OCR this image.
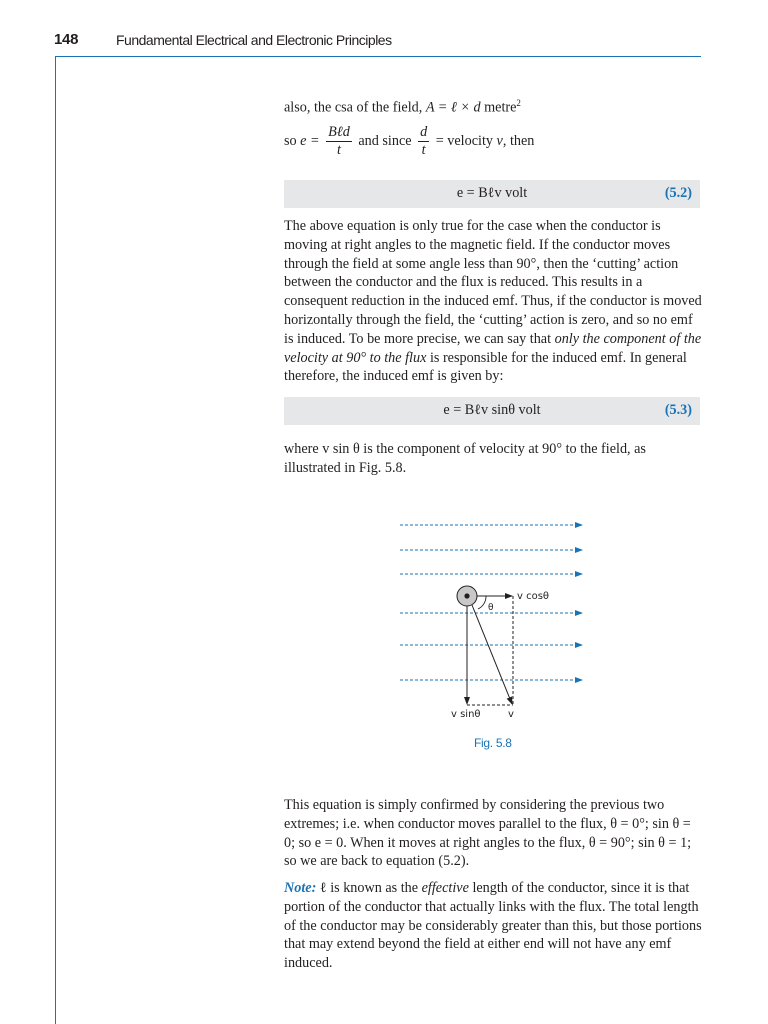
148	Fundamental Electrical and Electronic Principles

also, the csa of the field, A = ℓ × d metre$^2$

so $e = \frac{\text{Bℓd}}{t}$ and since $\frac{d}{t}$ = velocity v, then
e = Bℓv volt	(5.2)

The above equation is only true for the case when the conductor is moving at right angles to the magnetic field. If the conductor moves through the field at some angle less than 90°, then the ‘cutting’ action between the conductor and the flux is reduced. This results in a consequent reduction in the induced emf. Thus, if the conductor is moved horizontally through the field, the ‘cutting’ action is zero, and so no emf is induced. To be more precise, we can say that only the component of the velocity at 90° to the flux is responsible for the induced emf. In general therefore, the induced emf is given by:

e = Bℓv sinθ volt	(5.3)

where v sin θ is the component of velocity at 90° to the field, as illustrated in Fig. 5.8.

v cosθ
θ
v sinθ	v
Fig. 5.8

This equation is simply confirmed by considering the previous two extremes; i.e. when conductor moves parallel to the flux, θ = 0°; sin θ = 0; so e = 0. When it moves at right angles to the flux, θ = 90°; sin θ = 1; so we are back to equation (5.2).

Note: ℓ is known as the effective length of the conductor, since it is that portion of the conductor that actually links with the flux. The total length of the conductor may be considerably greater than this, but those portions that may extend beyond the field at either end will not have any emf induced.
